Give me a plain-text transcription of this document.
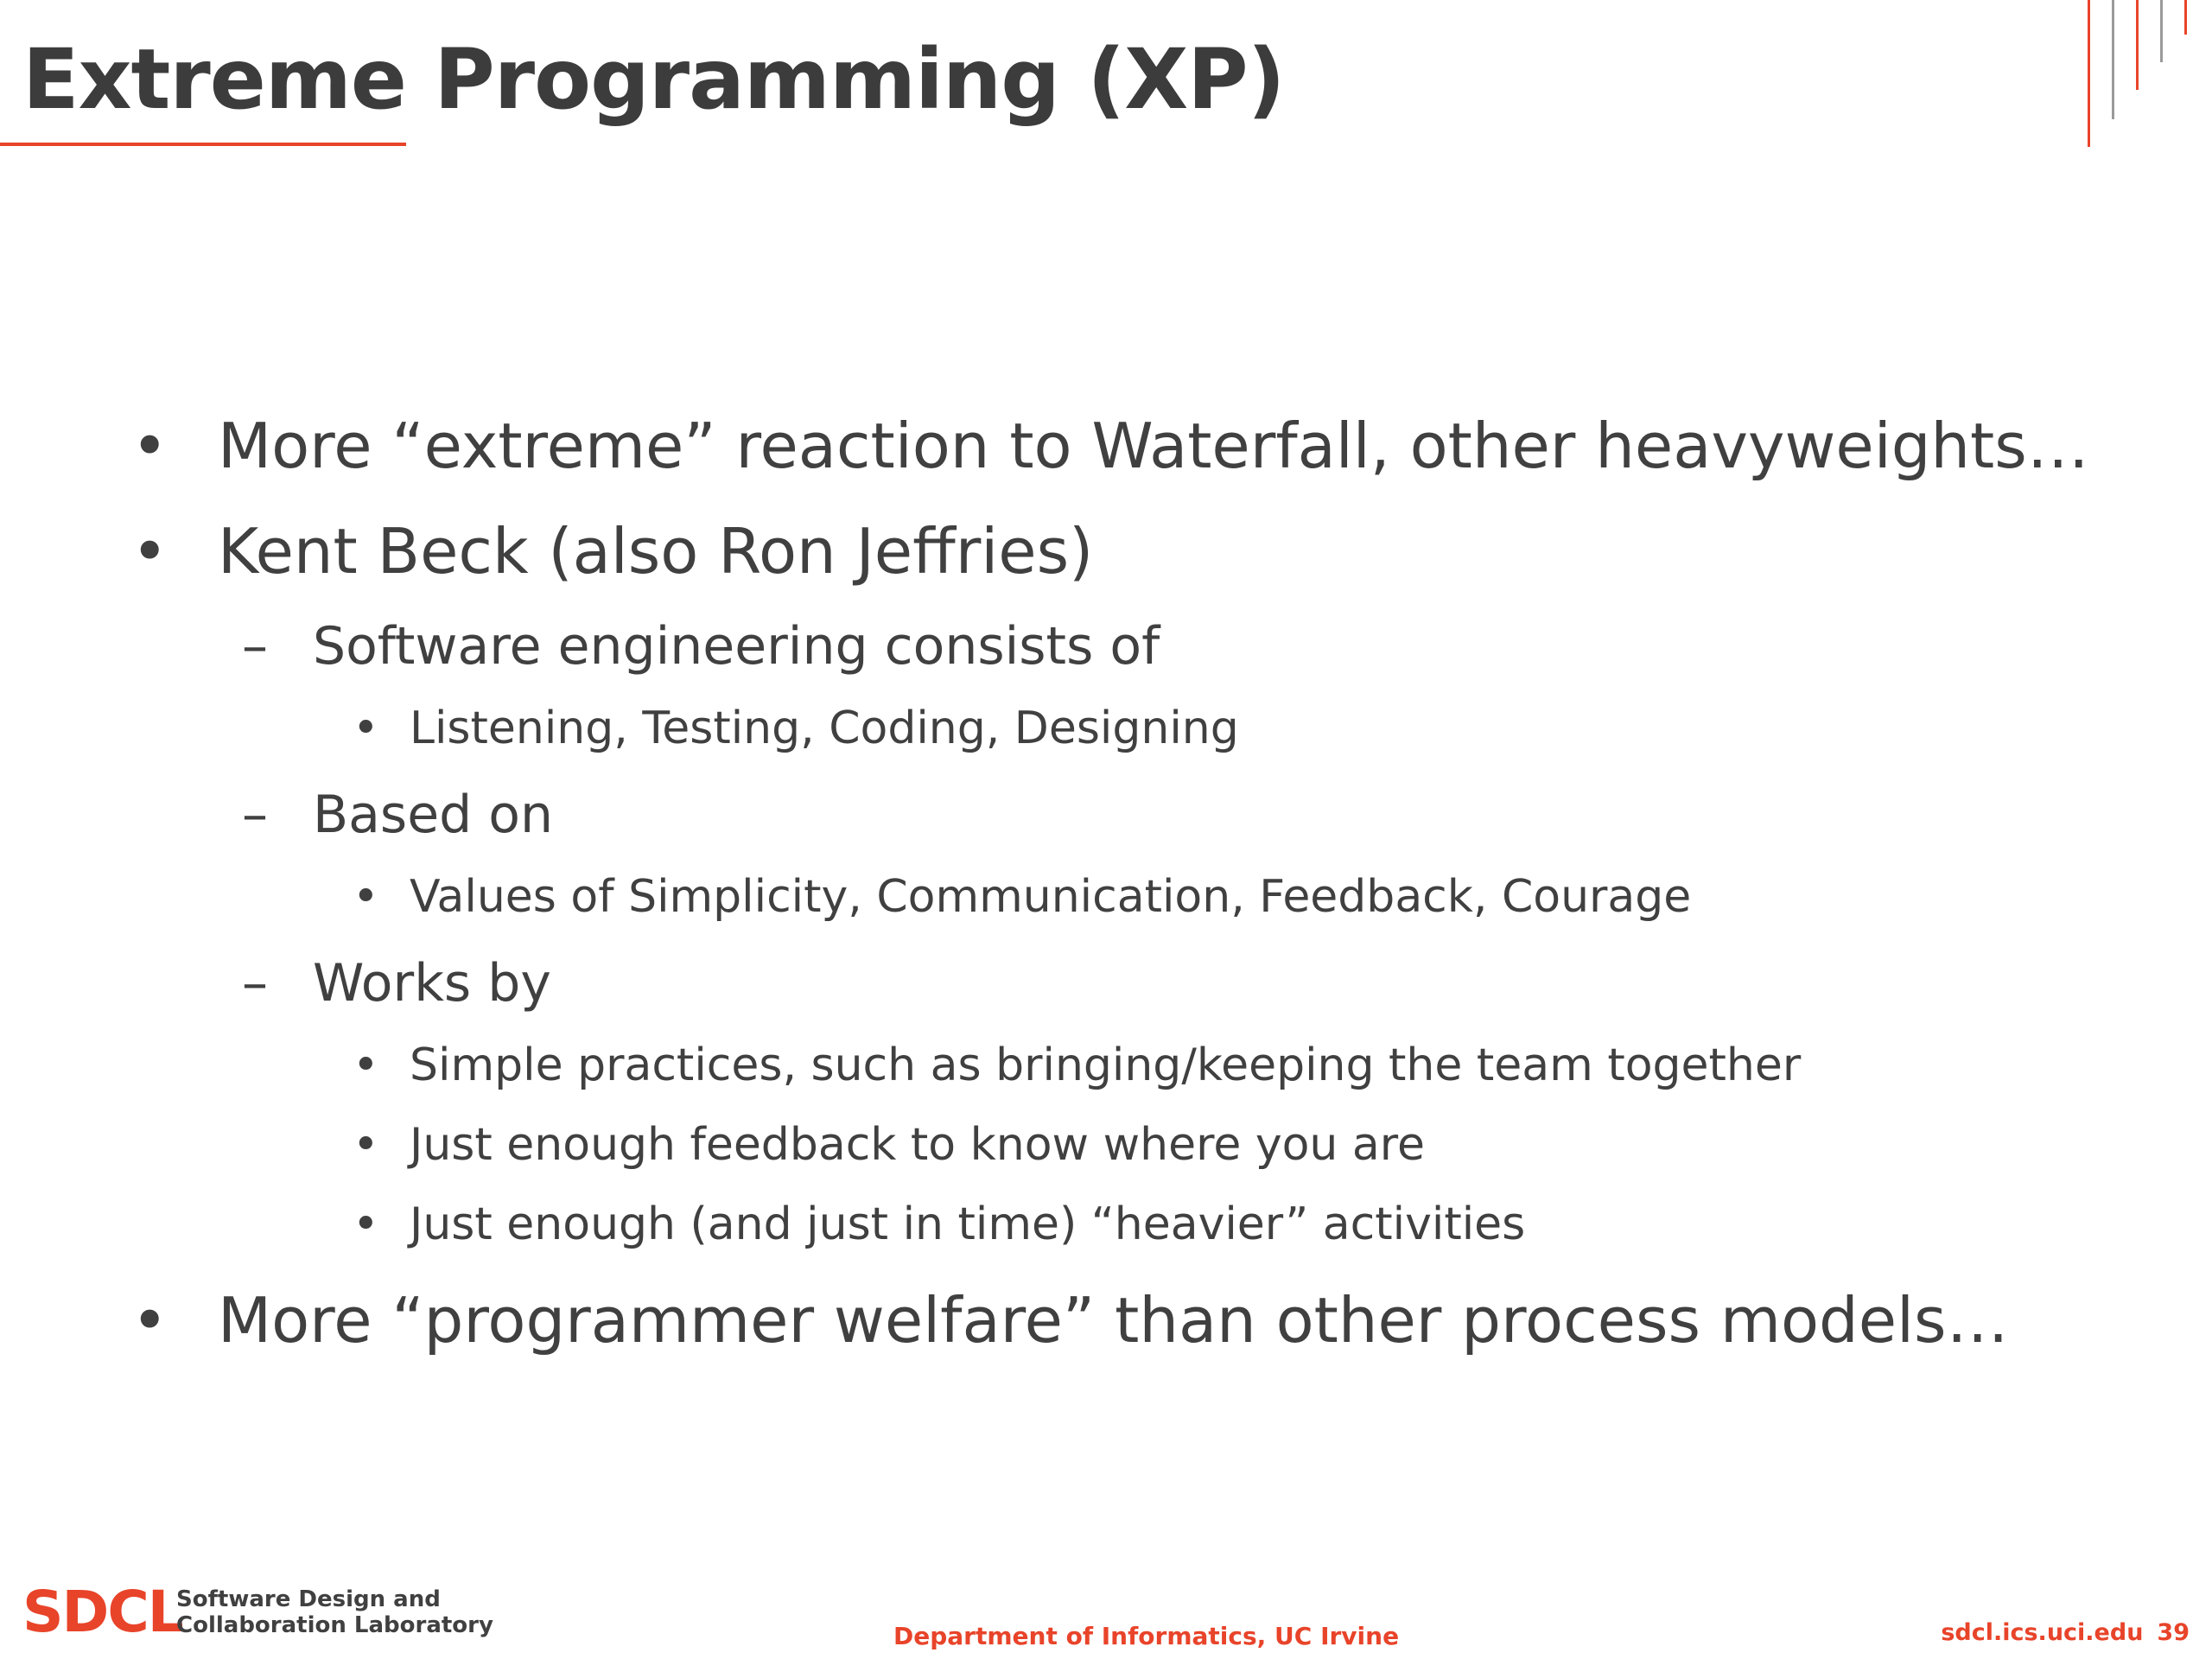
Extreme Programming (XP)
• More “extreme” reaction to Waterfall, other heavyweights…
• Kent Beck (also Ron Jeffries)
– Software engineering consists of
• Listening, Testing, Coding, Designing
– Based on
• Values of Simplicity, Communication, Feedback, Courage
– Works by
• Simple practices, such as bringing/keeping the team together
• Just enough feedback to know where you are
• Just enough (and just in time) “heavier” activities
• More “programmer welfare” than other process models…
SDCL
Software Design and
Collaboration Laboratory	Department of Informatics, UC Irvine	sdcl.ics.uci.edu 39
